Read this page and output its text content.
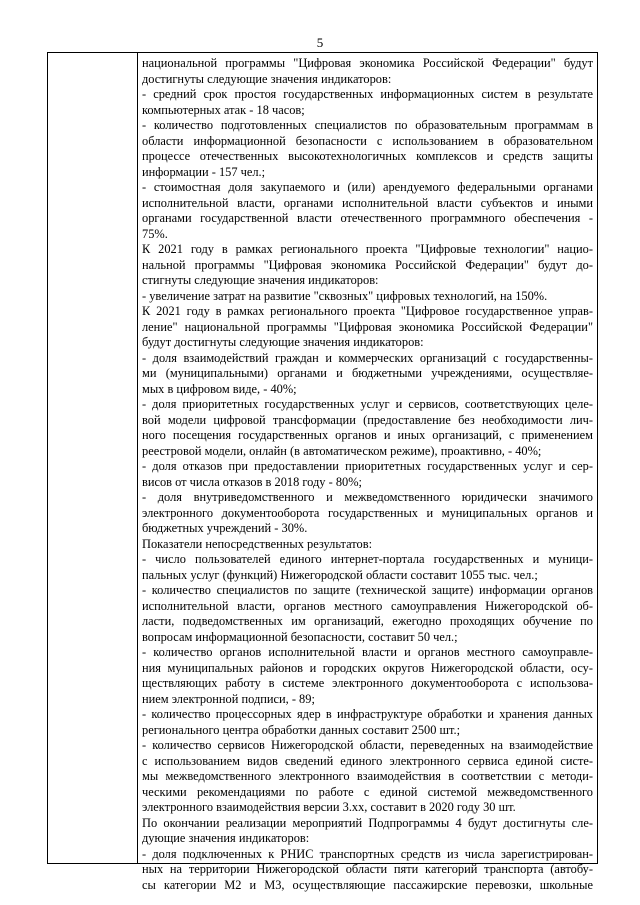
5
национальной программы "Цифровая экономика Российской Федерации" будут
достигнуты следующие значения индикаторов:
- средний срок простоя государственных информационных систем в результате
компьютерных атак - 18 часов;
- количество подготовленных специалистов по образовательным программам в
области информационной безопасности с использованием в образовательном
процессе отечественных высокотехнологичных комплексов и средств защиты
информации - 157 чел.;
- стоимостная доля закупаемого и (или) арендуемого федеральными органами
исполнительной власти, органами исполнительной власти субъектов и иными
органами государственной власти отечественного программного обеспечения -
75%.
К 2021 году в рамках регионального проекта "Цифровые технологии" нацио-
нальной программы "Цифровая экономика Российской Федерации" будут до-
стигнуты следующие значения индикаторов:
- увеличение затрат на развитие "сквозных" цифровых технологий, на 150%.
К 2021 году в рамках регионального проекта "Цифровое государственное управ-
ление" национальной программы "Цифровая экономика Российской Федерации"
будут достигнуты следующие значения индикаторов:
- доля взаимодействий граждан и коммерческих организаций с государственны-
ми (муниципальными) органами и бюджетными учреждениями, осуществляе-
мых в цифровом виде, - 40%;
- доля приоритетных государственных услуг и сервисов, соответствующих целе-
вой модели цифровой трансформации (предоставление без необходимости лич-
ного посещения государственных органов и иных организаций, с применением
реестровой модели, онлайн (в автоматическом режиме), проактивно, - 40%;
- доля отказов при предоставлении приоритетных государственных услуг и сер-
висов от числа отказов в 2018 году - 80%;
- доля внутриведомственного и межведомственного юридически значимого
электронного документооборота государственных и муниципальных органов и
бюджетных учреждений - 30%.
Показатели непосредственных результатов:
- число пользователей единого интернет-портала государственных и муници-
пальных услуг (функций) Нижегородской области составит 1055 тыс. чел.;
- количество специалистов по защите (технической защите) информации органов
исполнительной власти, органов местного самоуправления Нижегородской об-
ласти, подведомственных им организаций, ежегодно проходящих обучение по
вопросам информационной безопасности, составит 50 чел.;
- количество органов исполнительной власти и органов местного самоуправле-
ния муниципальных районов и городских округов Нижегородской области, осу-
ществляющих работу в системе электронного документооборота с использова-
нием электронной подписи, - 89;
- количество процессорных ядер в инфраструктуре обработки и хранения данных
регионального центра обработки данных составит 2500 шт.;
- количество сервисов Нижегородской области, переведенных на взаимодействие
с использованием видов сведений единого электронного сервиса единой систе-
мы межведомственного электронного взаимодействия в соответствии с методи-
ческими рекомендациями по работе с единой системой межведомственного
электронного взаимодействия версии 3.хх, составит в 2020 году 30 шт.
По окончании реализации мероприятий Подпрограммы 4 будут достигнуты сле-
дующие значения индикаторов:
- доля подключенных к РНИС транспортных средств из числа зарегистрирован-
ных на территории Нижегородской области пяти категорий транспорта (автобу-
сы категории М2 и М3, осуществляющие пассажирские перевозки, школьные
